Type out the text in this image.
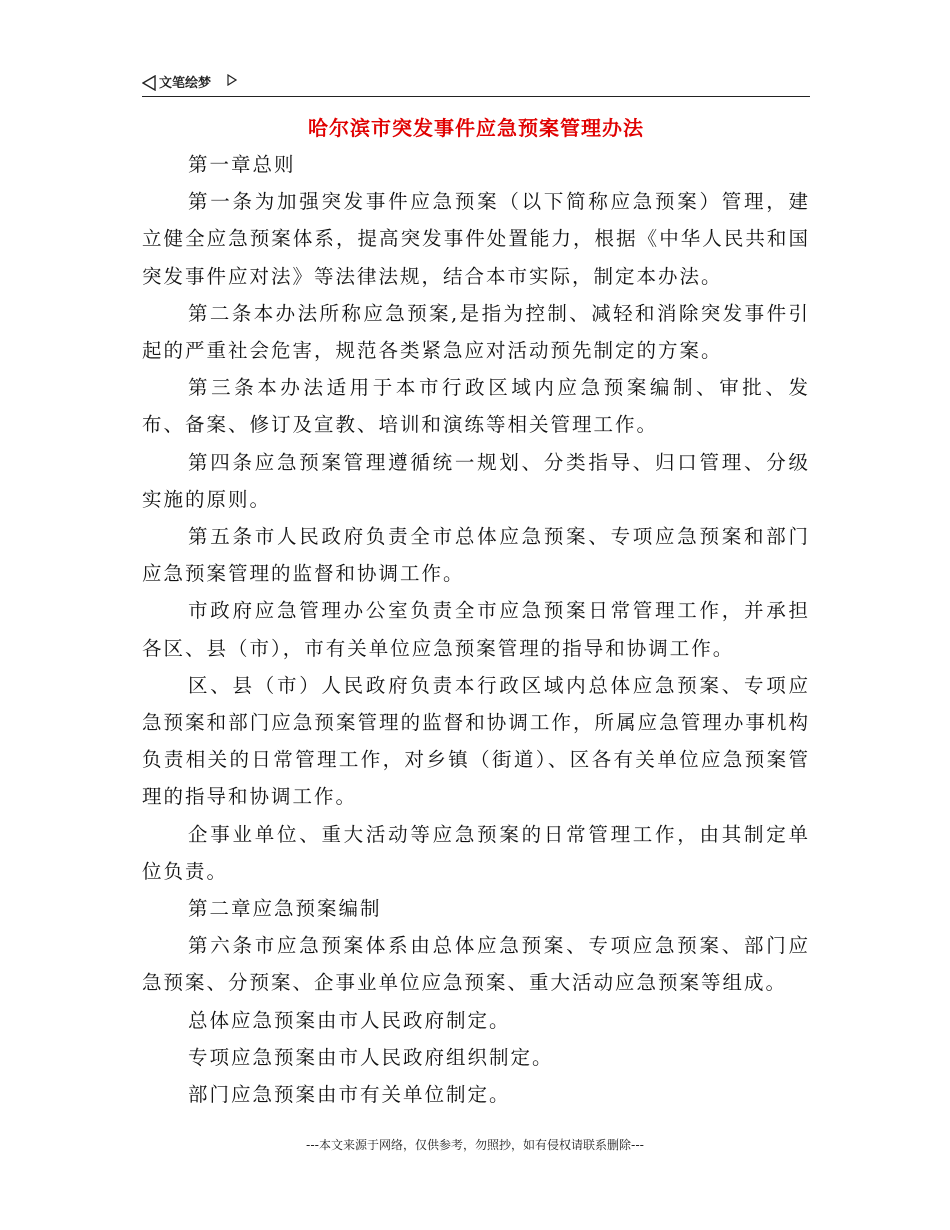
文笔绘梦
哈尔滨市突发事件应急预案管理办法

第一章总则

第一条为加强突发事件应急预案（以下简称应急预案）管理，建立健全应急预案体系，提高突发事件处置能力，根据《中华人民共和国突发事件应对法》等法律法规，结合本市实际，制定本办法。

第二条本办法所称应急预案,是指为控制、减轻和消除突发事件引起的严重社会危害，规范各类紧急应对活动预先制定的方案。

第三条本办法适用于本市行政区域内应急预案编制、审批、发布、备案、修订及宣教、培训和演练等相关管理工作。

第四条应急预案管理遵循统一规划、分类指导、归口管理、分级实施的原则。

第五条市人民政府负责全市总体应急预案、专项应急预案和部门应急预案管理的监督和协调工作。

市政府应急管理办公室负责全市应急预案日常管理工作，并承担各区、县（市），市有关单位应急预案管理的指导和协调工作。

区、县（市）人民政府负责本行政区域内总体应急预案、专项应急预案和部门应急预案管理的监督和协调工作，所属应急管理办事机构负责相关的日常管理工作，对乡镇（街道）、区各有关单位应急预案管理的指导和协调工作。

企事业单位、重大活动等应急预案的日常管理工作，由其制定单位负责。

第二章应急预案编制

第六条市应急预案体系由总体应急预案、专项应急预案、部门应急预案、分预案、企事业单位应急预案、重大活动应急预案等组成。

总体应急预案由市人民政府制定。

专项应急预案由市人民政府组织制定。

部门应急预案由市有关单位制定。

---本文来源于网络，仅供参考，勿照抄，如有侵权请联系删除---
